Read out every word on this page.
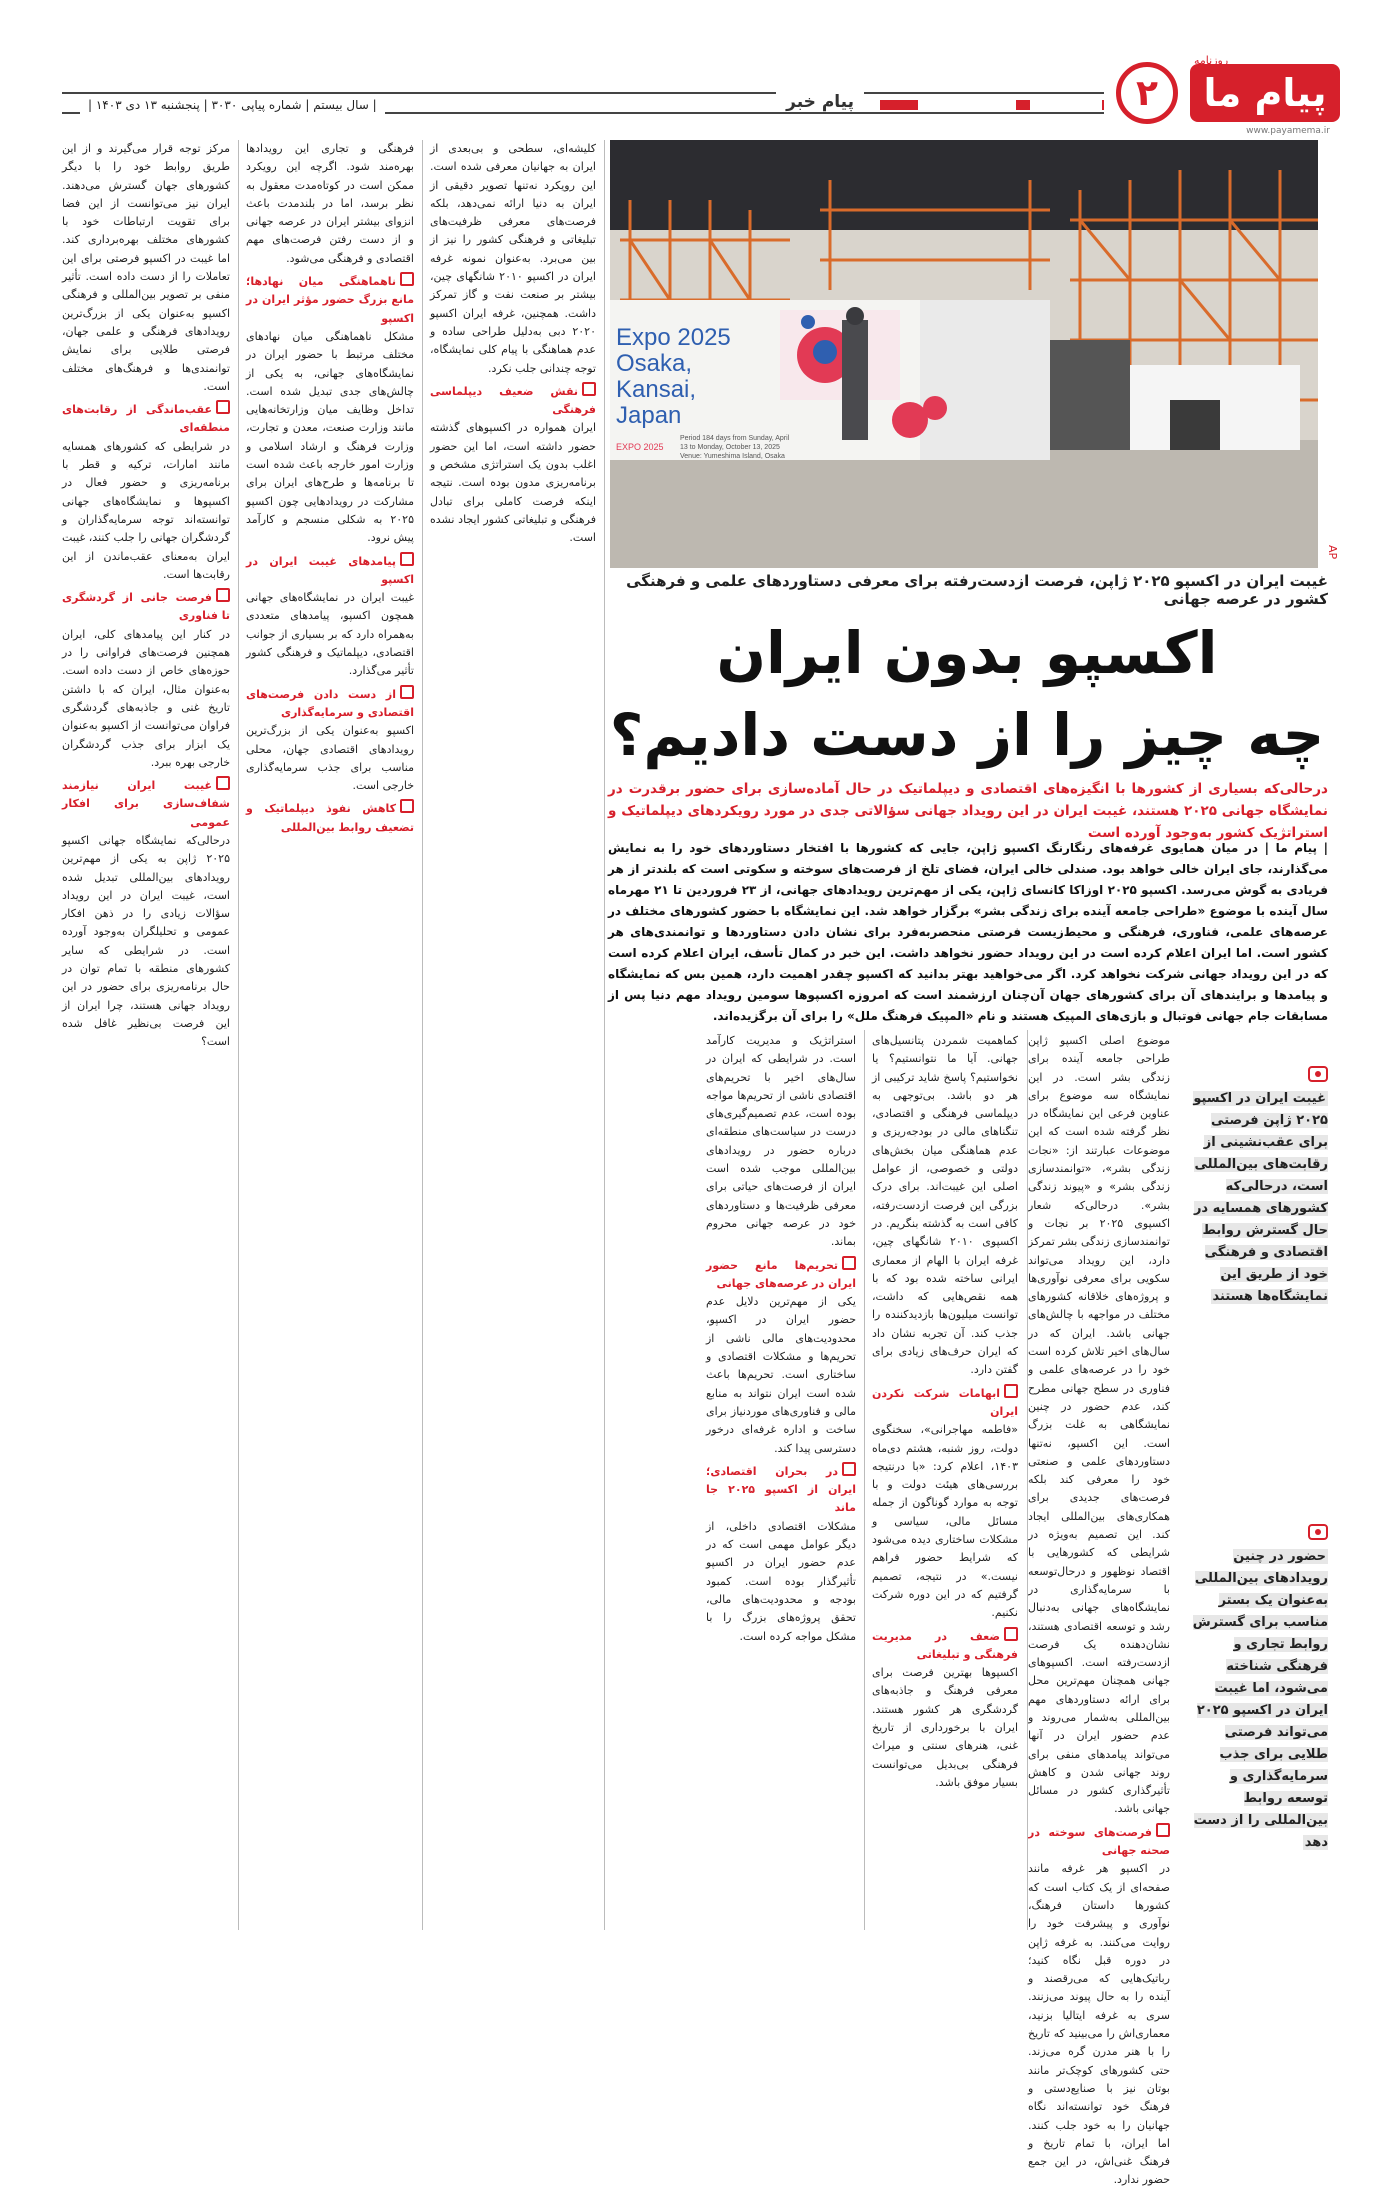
روزنامه
پیام ما
www.payamema.ir
۲
پیام خبر
| سال بیستم | شماره پیاپی ۳۰۳۰ | پنجشنبه ۱۳ دی ۱۴۰۳ |
Expo 2025
Osaka,
Kansai,
Japan
EXPO 2025
Period 184 days from Sunday, April 13 to Monday, October 13, 2025 Venue: Yumeshima Island, Osaka
AP
غیبت ایران در اکسپو ۲۰۲۵ ژاپن، فرصت ازدست‌رفته برای معرفی دستاوردهای علمی و فرهنگی کشور در عرصه جهانی
اکسپو بدون ایران
چه چیز را از دست دادیم؟
درحالی‌که بسیاری از کشورها با انگیزه‌های اقتصادی و دیپلماتیک در حال آماده‌سازی برای حضور برقدرت در نمایشگاه جهانی ۲۰۲۵ هستند، غیبت ایران در این رویداد جهانی سؤالاتی جدی در مورد رویکردهای دیپلماتیک و استراتژیک کشور به‌وجود آورده است
| پیام ما | در میان همایوی غرفه‌های رنگارنگ اکسپو ژاپن، جایی که کشورها با افتخار دستاوردهای خود را به نمایش می‌گذارند، جای ایران خالی خواهد بود. صندلی خالی ایران، فضای تلخ از فرصت‌های سوخته و سکوتی است که بلندتر از هر فریادی به گوش می‌رسد. اکسپو ۲۰۲۵ اوزاکا کانسای ژاپن، یکی از مهم‌ترین رویدادهای جهانی، از ۲۳ فروردین تا ۲۱ مهرماه سال آینده با موضوع «طراحی جامعه آینده برای زندگی بشر» برگزار خواهد شد. این نمایشگاه با حضور کشورهای مختلف در عرصه‌های علمی، فناوری، فرهنگی و محیط‌زیست فرصتی منحصربه‌فرد برای نشان دادن دستاوردها و توانمندی‌های هر کشور است. اما ایران اعلام کرده است در این رویداد حضور نخواهد داشت. این خبر در کمال تأسف، ایران اعلام کرده است که در این رویداد جهانی شرکت نخواهد کرد. اگر می‌خواهید بهتر بدانید که اکسپو چقدر اهمیت دارد، همین بس که نمایشگاه و پیامدها و برایندهای آن برای کشورهای جهان آن‌چنان ارزشمند است که امروزه اکسپوها سومین رویداد مهم دنیا پس از مسابقات جام جهانی فوتبال و بازی‌های المپیک هستند و نام «المپیک فرهنگ ملل» را برای آن برگزیده‌اند.
غیبت ایران در اکسپو ۲۰۲۵ ژاپن فرصتی برای عقب‌نشینی از رقابت‌های بین‌المللی است، درحالی‌که کشورهای همسایه در حال گسترش روابط اقتصادی و فرهنگی خود از طریق این نمایشگاه‌ها هستند
حضور در چنین رویدادهای بین‌المللی به‌عنوان یک بستر مناسب برای گسترش روابط تجاری و فرهنگی شناخته می‌شود، اما غیبت ایران در اکسپو ۲۰۲۵ می‌تواند فرصتی طلایی برای جذب سرمایه‌گذاری و توسعه روابط بین‌المللی را از دست دهد
موضوع اصلی اکسپو ژاپن طراحی جامعه آینده برای زندگی بشر است. در این نمایشگاه سه موضوع برای عناوین فرعی این نمایشگاه در نظر گرفته شده است که این موضوعات عبارتند از: «نجات زندگی بشر»، «توانمندسازی زندگی بشر» و «پیوند زندگی بشر». درحالی‌که شعار اکسپوی ۲۰۲۵ بر نجات و توانمندسازی زندگی بشر تمرکز دارد، این رویداد می‌تواند سکویی برای معرفی نوآوری‌ها و پروژه‌های خلاقانه کشورهای مختلف در مواجهه با چالش‌های جهانی باشد. ایران که در سال‌های اخیر تلاش کرده است خود را در عرصه‌های علمی و فناوری در سطح جهانی مطرح کند، عدم حضور در چنین نمایشگاهی به‌ غلت بزرگ است. این اکسپو، نه‌تنها دستاوردهای علمی و صنعتی خود را معرفی کند بلکه فرصت‌های جدیدی برای همکاری‌های بین‌المللی ایجاد کند. این تصمیم به‌ویژه در شرایطی که کشورهایی با اقتصاد نوظهور و درحال‌توسعه با سرمایه‌گذاری در نمایشگاه‌های جهانی به‌دنبال رشد و توسعه اقتصادی هستند، نشان‌دهنده یک فرصت ازدست‌رفته است. اکسپوهای جهانی همچنان مهم‌ترین محل برای ارائه دستاوردهای مهم بین‌المللی به‌شمار می‌روند و عدم حضور ایران در آنها می‌تواند پیامدهای منفی برای روند جهانی شدن و کاهش تأثیرگذاری کشور در مسائل جهانی باشد.
فرصت‌های سوخته در صحنه جهانی
در اکسپو هر غرفه مانند صفحه‌ای از یک کتاب است که کشورها داستان فرهنگ، نوآوری و پیشرفت خود را روایت می‌کنند. به غرفه ژاپن در دوره قبل نگاه کنید؛ رباتیک‌هایی که می‌رقصند و آینده را به حال پیوند می‌زنند. سری به غرفه ایتالیا بزنید، معماری‌اش را می‌بینید که تاریخ را با هنر مدرن گره می‌زند. حتی کشورهای کوچک‌تر مانند بوتان نیز با صنایع‌دستی و فرهنگ خود توانسته‌اند نگاه جهانیان را به خود جلب کنند. اما ایران، با تمام تاریخ و فرهنگ غنی‌اش، در این جمع حضور ندارد.
کماهمیت شمردن پتانسیل‌های جهانی. آیا ما نتوانستیم؟ یا نخواستیم؟ پاسخ شاید ترکیبی از هر دو باشد. بی‌توجهی به دیپلماسی فرهنگی و اقتصادی، تنگناهای مالی در بودجه‌ریزی و عدم هماهنگی میان بخش‌های دولتی و خصوصی، از عوامل اصلی این غیبت‌اند. برای درک بزرگی این فرصت ازدست‌رفته، کافی است به گذشته بنگریم. در اکسپوی ۲۰۱۰ شانگهای چین، غرفه ایران با الهام از معماری ایرانی ساخته شده بود که با همه نقص‌هایی که داشت، توانست میلیون‌ها بازدیدکننده را جذب کند. آن تجربه نشان داد که ایران حرف‌های زیادی برای گفتن دارد.
ابهامات شرکت نکردن ایران
«فاطمه مهاجرانی»، سخنگوی دولت، روز شنبه، هشتم دی‌ماه ۱۴۰۳، اعلام کرد: «با درنتیجه بررسی‌های هیئت دولت و با توجه به موارد گوناگون از جمله مسائل مالی، سیاسی و مشکلات ساختاری دیده می‌شود که شرایط حضور فراهم نیست.» در نتیجه، تصمیم گرفتیم که در این دوره شرکت نکنیم.
ضعف در مدیریت فرهنگی و تبلیغاتی
اکسپوها بهترین فرصت برای معرفی فرهنگ و جاذبه‌های گردشگری هر کشور هستند. ایران با برخورداری از تاریخ غنی، هنرهای سنتی و میراث فرهنگی بی‌بدیل می‌توانست بسیار موفق باشد.
استراتژیک و مدیریت کارآمد است. در شرایطی که ایران در سال‌های اخیر با تحریم‌های اقتصادی ناشی از تحریم‌ها مواجه بوده است، عدم تصمیم‌گیری‌های درست در سیاست‌های منطقه‌ای درباره حضور در رویدادهای بین‌المللی موجب شده است ایران از فرصت‌های حیاتی برای معرفی ظرفیت‌ها و دستاوردهای خود در عرصه جهانی محروم بماند.
تحریم‌ها مانع حضور ایران در عرصه‌های جهانی
یکی از مهم‌ترین دلایل عدم حضور ایران در اکسپو، محدودیت‌های مالی ناشی از تحریم‌ها و مشکلات اقتصادی و ساختاری است. تحریم‌ها باعث شده است ایران نتواند به منابع مالی و فناوری‌های موردنیاز برای ساخت و اداره غرفه‌ای درخور دسترسی پیدا کند.
در بحران اقتصادی؛ ایران از اکسپو ۲۰۲۵ جا ماند
مشکلات اقتصادی داخلی، از دیگر عوامل مهمی است که در عدم حضور ایران در اکسپو تأثیرگذار بوده است. کمبود بودجه و محدودیت‌های مالی، تحقق پروژه‌های بزرگ را با مشکل مواجه کرده است.
کلیشه‌ای، سطحی و بی‌بعدی از ایران به جهانیان معرفی شده است. این رویکرد نه‌تنها تصویر دقیقی از ایران به دنیا ارائه نمی‌دهد، بلکه فرصت‌های معرفی ظرفیت‌های تبلیغاتی و فرهنگی کشور را نیز از بین می‌برد. به‌عنوان نمونه غرفه ایران در اکسپو ۲۰۱۰ شانگهای چین، بیشتر بر صنعت نفت و گاز تمرکز داشت. همچنین، غرفه ایران اکسپو ۲۰۲۰ دبی به‌دلیل طراحی ساده و عدم هماهنگی با پیام کلی نمایشگاه، توجه چندانی جلب نکرد.
نقش ضعیف دیپلماسی فرهنگی
ایران همواره در اکسپوهای گذشته حضور داشته است، اما این حضور اغلب بدون یک استراتژی مشخص و برنامه‌ریزی مدون بوده است. نتیجه اینکه فرصت کاملی برای تبادل فرهنگی و تبلیغاتی کشور ایجاد نشده است.
فرهنگی و تجاری این رویدادها بهره‌مند شود. اگرچه این رویکرد ممکن است در کوتاه‌مدت معقول به نظر برسد، اما در بلندمدت باعث انزوای بیشتر ایران در عرصه جهانی و از دست رفتن فرصت‌های مهم اقتصادی و فرهنگی می‌شود.
ناهماهنگی میان نهادها؛ مانع بزرگ حضور مؤثر ایران در اکسپو
مشکل ناهماهنگی میان نهادهای مختلف مرتبط با حضور ایران در نمایشگاه‌های جهانی، به یکی از چالش‌های جدی تبدیل شده است. تداخل وظایف میان وزارتخانه‌هایی مانند وزارت صنعت، معدن و تجارت، وزارت فرهنگ و ارشاد اسلامی و وزارت امور خارجه باعث شده است تا برنامه‌ها و طرح‌های ایران برای مشارکت در رویدادهایی چون اکسپو ۲۰۲۵ به شکلی منسجم و کارآمد پیش نرود.
پیامدهای غیبت ایران در اکسپو
غیبت ایران در نمایشگاه‌های جهانی همچون اکسپو، پیامدهای متعددی به‌همراه دارد که بر بسیاری از جوانب اقتصادی، دیپلماتیک و فرهنگی کشور تأثیر می‌گذارد.
از دست دادن فرصت‌های اقتصادی و سرمایه‌گذاری
اکسپو به‌عنوان یکی از بزرگ‌ترین رویدادهای اقتصادی جهان، محلی مناسب برای جذب سرمایه‌گذاری خارجی است.
کاهش نفوذ دیپلماتیک و تضعیف روابط بین‌المللی
مرکز توجه قرار می‌گیرند و از این طریق روابط خود را با دیگر کشورهای جهان گسترش می‌دهند. ایران نیز می‌توانست از این فضا برای تقویت ارتباطات خود با کشورهای مختلف بهره‌برداری کند. اما غیبت در اکسپو فرصتی برای این تعاملات را از دست داده است. تأثیر منفی بر تصویر بین‌المللی و فرهنگی اکسپو به‌عنوان یکی از بزرگ‌ترین رویدادهای فرهنگی و علمی جهان، فرصتی طلایی برای نمایش توانمندی‌ها و فرهنگ‌های مختلف است.
عقب‌ماندگی از رقابت‌های منطقه‌ای
در شرایطی که کشورهای همسایه مانند امارات، ترکیه و قطر با برنامه‌ریزی و حضور فعال در اکسپوها و نمایشگاه‌های جهانی توانسته‌اند توجه سرمایه‌گذاران و گردشگران جهانی را جلب کنند، غیبت ایران به‌معنای عقب‌ماندن از این رقابت‌ها است.
فرصت جانی از گردشگری تا فناوری
در کنار این پیامدهای کلی، ایران همچنین فرصت‌های فراوانی را در حوزه‌های خاص از دست داده است. به‌عنوان مثال، ایران که با داشتن تاریخ غنی و جاذبه‌های گردشگری فراوان می‌توانست از اکسپو به‌عنوان یک ابزار برای جذب گردشگران خارجی بهره ببرد.
غیبت ایران نیازمند شفاف‌سازی برای افکار عمومی
درحالی‌که نمایشگاه جهانی اکسپو ۲۰۲۵ ژاپن به یکی از مهم‌ترین رویدادهای بین‌المللی تبدیل شده است، غیبت ایران در این رویداد سؤالات زیادی را در ذهن افکار عمومی و تحلیلگران به‌وجود آورده است. در شرایطی که سایر کشورهای منطقه با تمام توان در حال برنامه‌ریزی برای حضور در این رویداد جهانی هستند، چرا ایران از این فرصت بی‌نظیر غافل شده است؟
